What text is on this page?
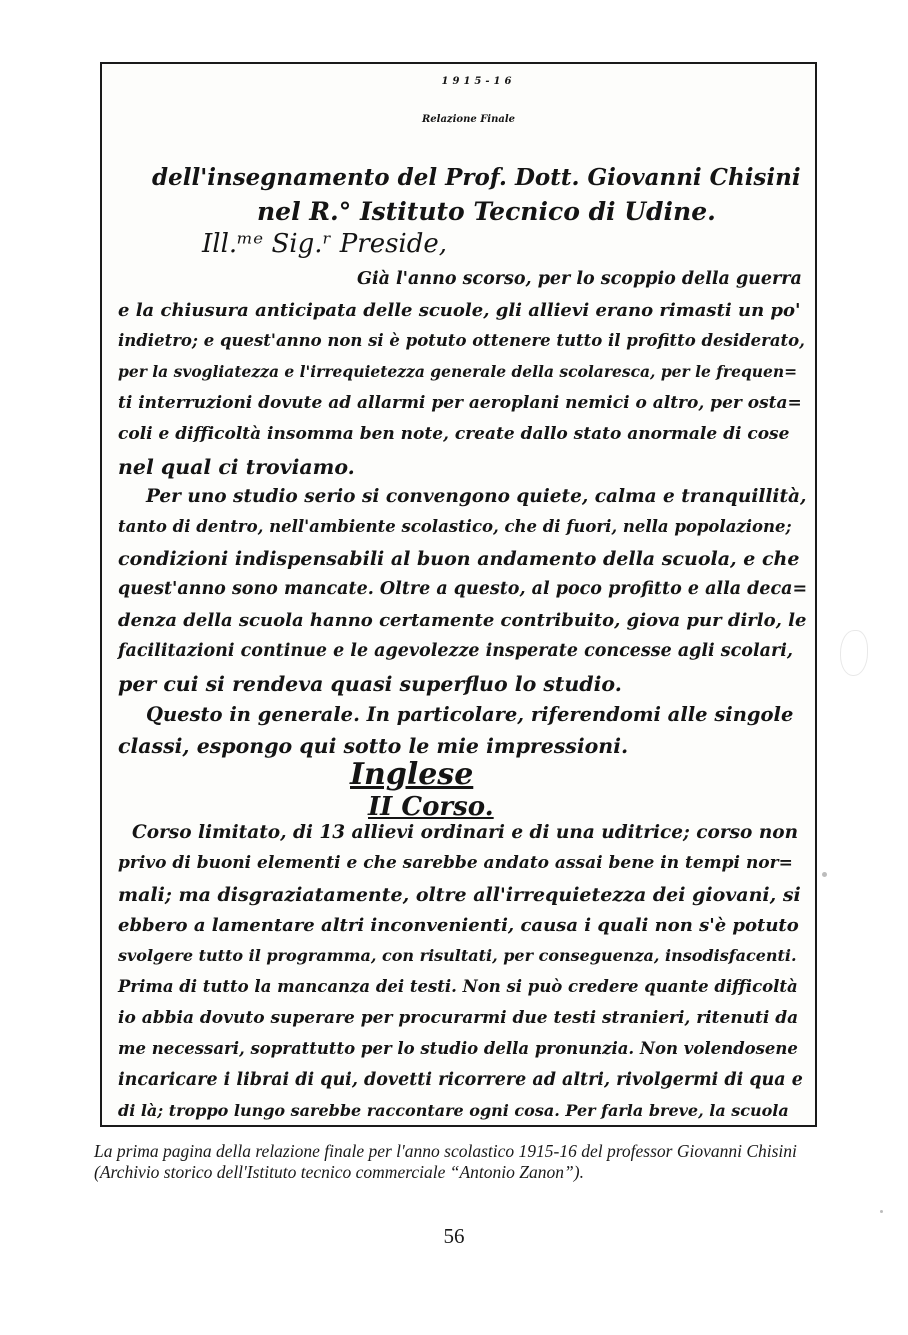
1915-16
Relazione Finale
dell'insegnamento del Prof. Dott. Giovanni Chisini
nel R.° Istituto Tecnico di Udine.
Ill.ᵐᵉ Sig.ʳ Preside,
Già l'anno scorso, per lo scoppio della guerra
e la chiusura anticipata delle scuole, gli allievi erano rimasti un po'
indietro; e quest'anno non si è potuto ottenere tutto il profitto desiderato,
per la svogliatezza e l'irrequietezza generale della scolaresca, per le frequen=
ti interruzioni dovute ad allarmi per aeroplani nemici o altro, per osta=
coli e difficoltà insomma ben note, create dallo stato anormale di cose
nel qual ci troviamo.
Per uno studio serio si convengono quiete, calma e tranquillità,
tanto di dentro, nell'ambiente scolastico, che di fuori, nella popolazione;
condizioni indispensabili al buon andamento della scuola, e che
quest'anno sono mancate. Oltre a questo, al poco profitto e alla deca=
denza della scuola hanno certamente contribuito, giova pur dirlo, le
facilitazioni continue e le agevolezze insperate concesse agli scolari,
per cui si rendeva quasi superfluo lo studio.
Questo in generale. In particolare, riferendomi alle singole
classi, espongo qui sotto le mie impressioni.
Inglese
II Corso.
Corso limitato, di 13 allievi ordinari e di una uditrice; corso non
privo di buoni elementi e che sarebbe andato assai bene in tempi nor=
mali; ma disgraziatamente, oltre all'irrequietezza dei giovani, si
ebbero a lamentare altri inconvenienti, causa i quali non s'è potuto
svolgere tutto il programma, con risultati, per conseguenza, insodisfacenti.
Prima di tutto la mancanza dei testi. Non si può credere quante difficoltà
io abbia dovuto superare per procurarmi due testi stranieri, ritenuti da
me necessari, soprattutto per lo studio della pronunzia. Non volendosene
incaricare i librai di qui, dovetti ricorrere ad altri, rivolgermi di qua e
di là; troppo lungo sarebbe raccontare ogni cosa. Per farla breve, la scuola
La prima pagina della relazione finale per l'anno scolastico 1915-16 del professor Giovanni Chisini (Archivio storico dell'Istituto tecnico commerciale “Antonio Zanon”).
56
